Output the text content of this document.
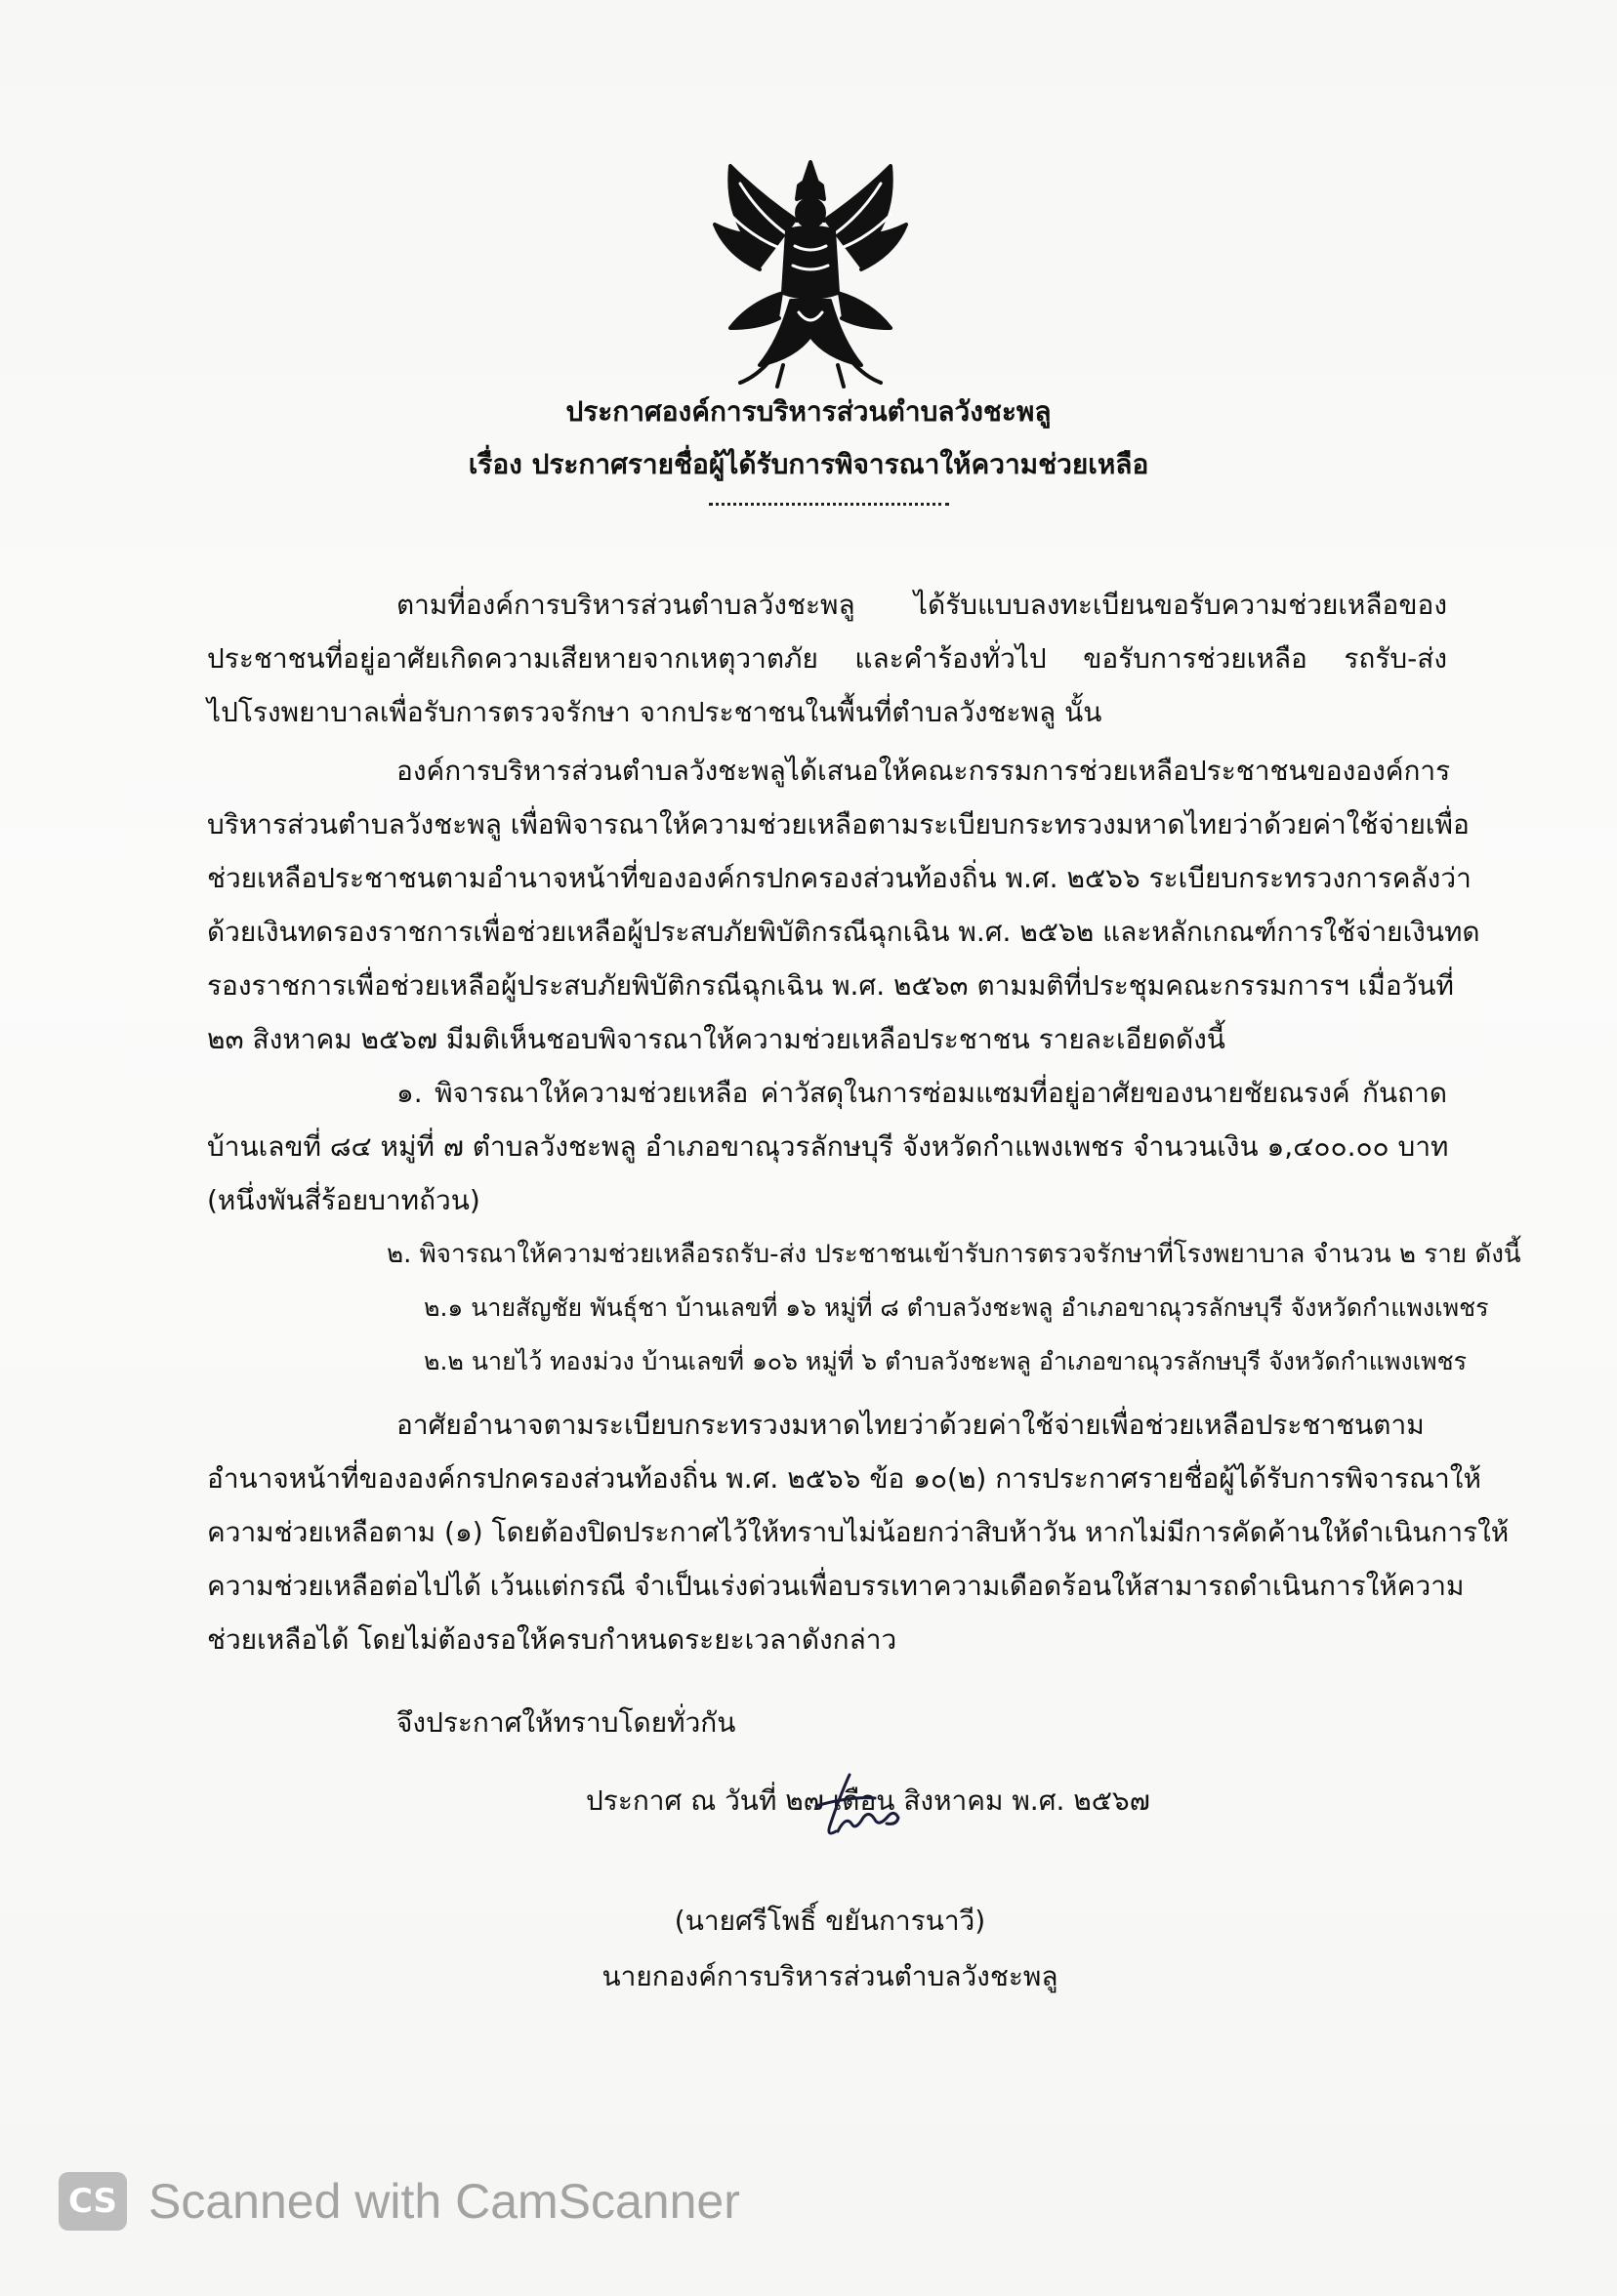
ประกาศองค์การบริหารส่วนตำบลวังชะพลู
เรื่อง ประกาศรายชื่อผู้ได้รับการพิจารณาให้ความช่วยเหลือ
ตามที่องค์การบริหารส่วนตำบลวังชะพลู ได้รับแบบลงทะเบียนขอรับความช่วยเหลือของ
ประชาชนที่อยู่อาศัยเกิดความเสียหายจากเหตุวาตภัย และคำร้องทั่วไป ขอรับการช่วยเหลือ รถรับ-ส่ง
ไปโรงพยาบาลเพื่อรับการตรวจรักษา จากประชาชนในพื้นที่ตำบลวังชะพลู นั้น
องค์การบริหารส่วนตำบลวังชะพลูได้เสนอให้คณะกรรมการช่วยเหลือประชาชนขององค์การ
บริหารส่วนตำบลวังชะพลู เพื่อพิจารณาให้ความช่วยเหลือตามระเบียบกระทรวงมหาดไทยว่าด้วยค่าใช้จ่ายเพื่อ
ช่วยเหลือประชาชนตามอำนาจหน้าที่ขององค์กรปกครองส่วนท้องถิ่น พ.ศ. ๒๕๖๖ ระเบียบกระทรวงการคลังว่า
ด้วยเงินทดรองราชการเพื่อช่วยเหลือผู้ประสบภัยพิบัติกรณีฉุกเฉิน พ.ศ. ๒๕๖๒ และหลักเกณฑ์การใช้จ่ายเงินทด
รองราชการเพื่อช่วยเหลือผู้ประสบภัยพิบัติกรณีฉุกเฉิน พ.ศ. ๒๕๖๓ ตามมติที่ประชุมคณะกรรมการฯ เมื่อวันที่
๒๓ สิงหาคม ๒๕๖๗ มีมติเห็นชอบพิจารณาให้ความช่วยเหลือประชาชน รายละเอียดดังนี้
๑. พิจารณาให้ความช่วยเหลือ ค่าวัสดุในการซ่อมแซมที่อยู่อาศัยของนายชัยณรงค์ กันถาด
บ้านเลขที่ ๘๔ หมู่ที่ ๗ ตำบลวังชะพลู อำเภอขาณุวรลักษบุรี จังหวัดกำแพงเพชร จำนวนเงิน ๑,๔๐๐.๐๐ บาท
(หนึ่งพันสี่ร้อยบาทถ้วน)
๒. พิจารณาให้ความช่วยเหลือรถรับ-ส่ง ประชาชนเข้ารับการตรวจรักษาที่โรงพยาบาล จำนวน ๒ ราย ดังนี้
๒.๑ นายสัญชัย พันธุ์ชา บ้านเลขที่ ๑๖ หมู่ที่ ๘ ตำบลวังชะพลู อำเภอขาณุวรลักษบุรี จังหวัดกำแพงเพชร
๒.๒ นายไว้ ทองม่วง บ้านเลขที่ ๑๐๖ หมู่ที่ ๖ ตำบลวังชะพลู อำเภอขาณุวรลักษบุรี จังหวัดกำแพงเพชร
อาศัยอำนาจตามระเบียบกระทรวงมหาดไทยว่าด้วยค่าใช้จ่ายเพื่อช่วยเหลือประชาชนตาม
อำนาจหน้าที่ขององค์กรปกครองส่วนท้องถิ่น พ.ศ. ๒๕๖๖ ข้อ ๑๐(๒) การประกาศรายชื่อผู้ได้รับการพิจารณาให้
ความช่วยเหลือตาม (๑) โดยต้องปิดประกาศไว้ให้ทราบไม่น้อยกว่าสิบห้าวัน หากไม่มีการคัดค้านให้ดำเนินการให้
ความช่วยเหลือต่อไปได้ เว้นแต่กรณี จำเป็นเร่งด่วนเพื่อบรรเทาความเดือดร้อนให้สามารถดำเนินการให้ความ
ช่วยเหลือได้ โดยไม่ต้องรอให้ครบกำหนดระยะเวลาดังกล่าว
จึงประกาศให้ทราบโดยทั่วกัน
ประกาศ ณ วันที่ ๒๗ เดือน สิงหาคม พ.ศ. ๒๕๖๗
(นายศรีโพธิ์ ขยันการนาวี)
นายกองค์การบริหารส่วนตำบลวังชะพลู
CS Scanned with CamScanner
